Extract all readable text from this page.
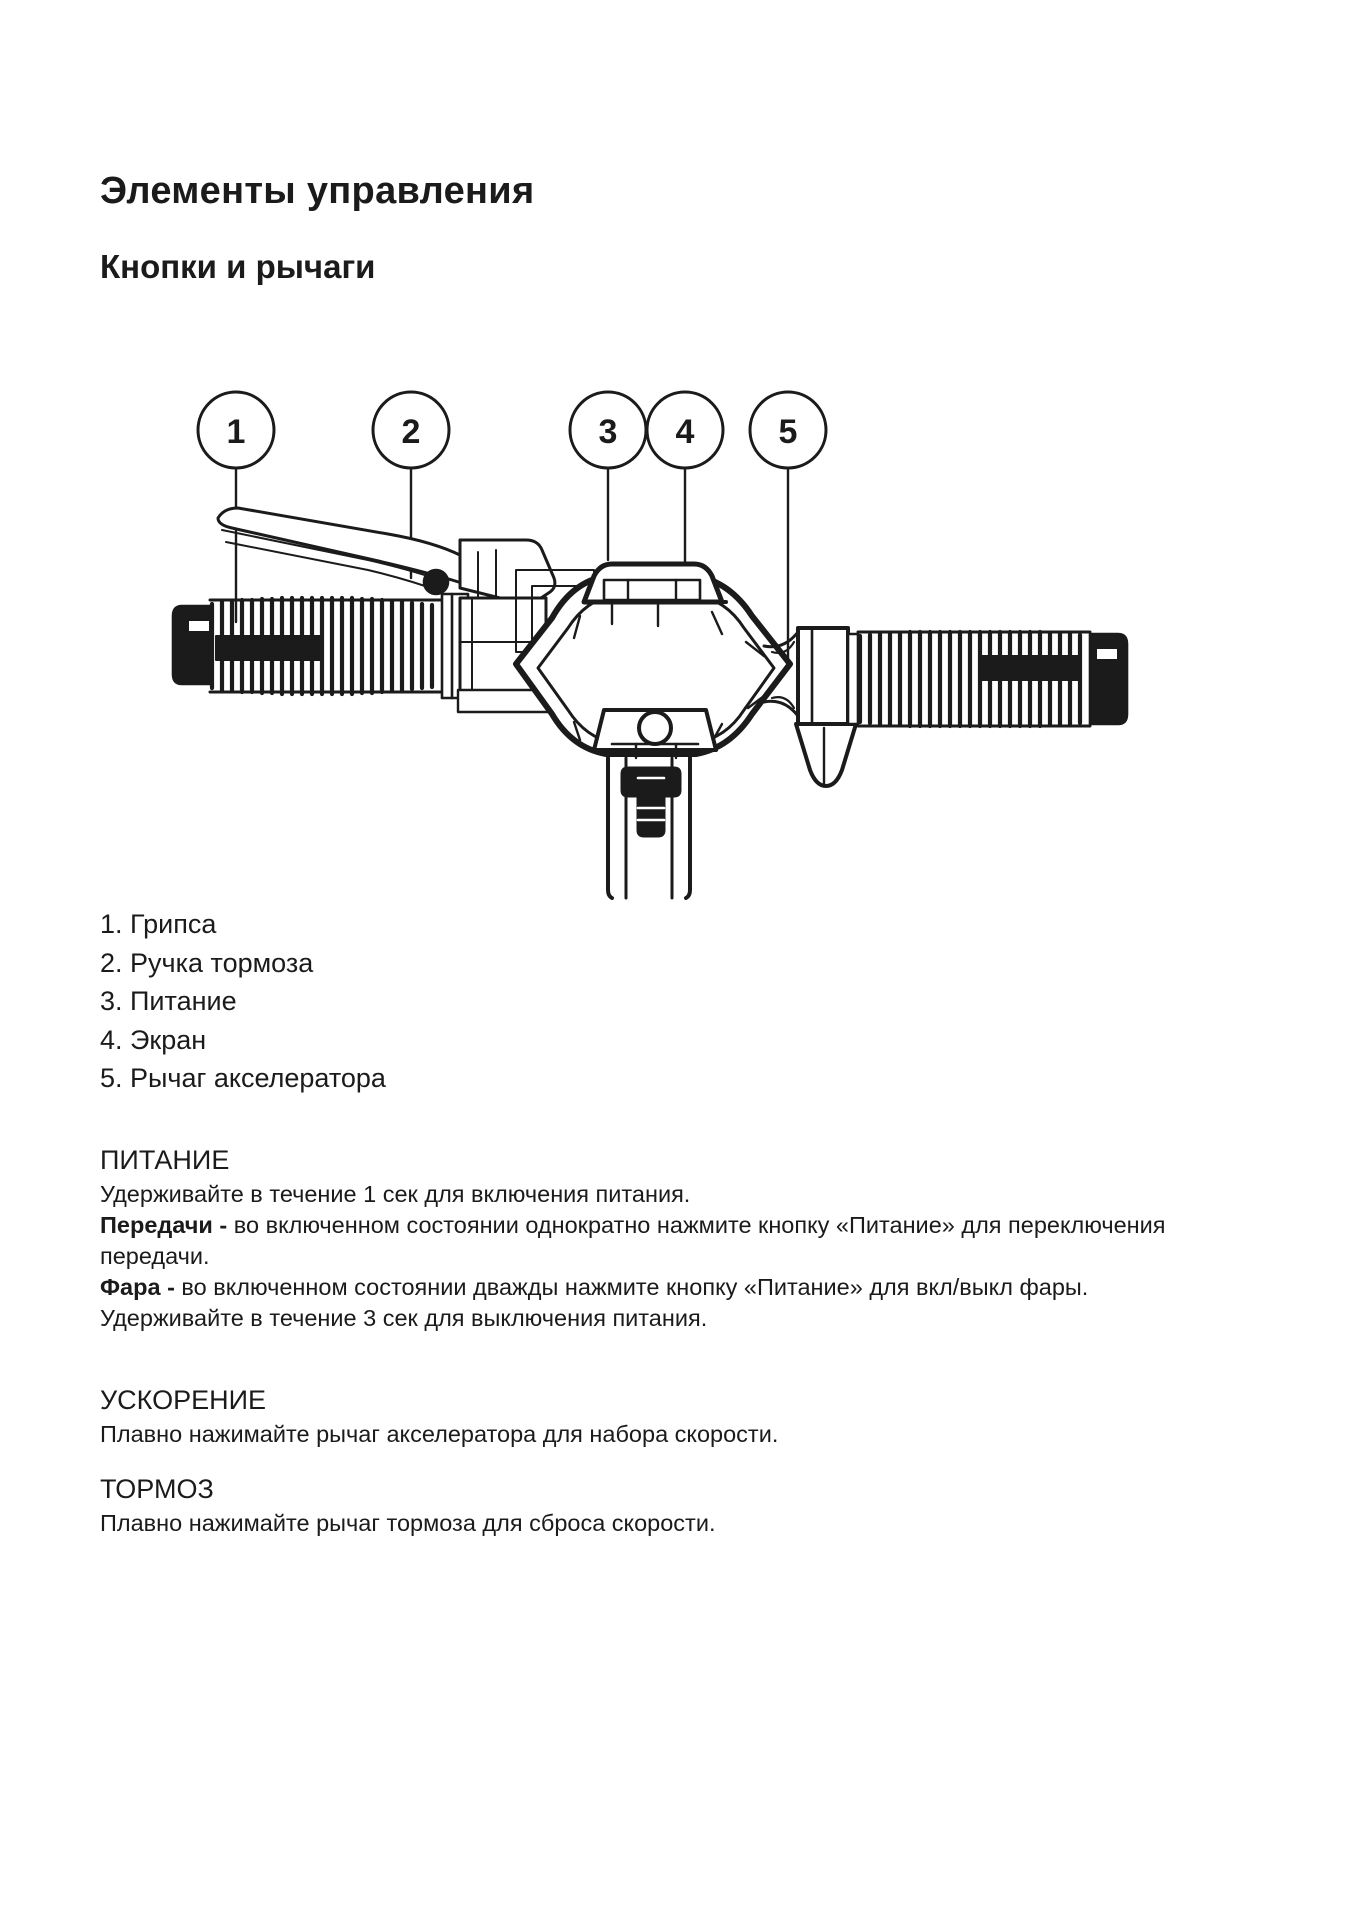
Элементы управления
Кнопки и рычаги
1	2	3 4 5
1. Грипса
2. Ручка тормоза
3. Питание
4. Экран
5. Рычаг акселератора
ПИТАНИЕ

Удерживайте в течение 1 сек для включения питания.

Передачи - во включенном состоянии однократно нажмите кнопку «Питание» для переключения передачи.

Фара - во включенном состоянии дважды нажмите кнопку «Питание» для вкл/выкл фары.

Удерживайте в течение 3 сек для выключения питания.

УСКОРЕНИЕ

Плавно нажимайте рычаг акселератора для набора скорости.

ТОРМОЗ

Плавно нажимайте рычаг тормоза для сброса скорости.
